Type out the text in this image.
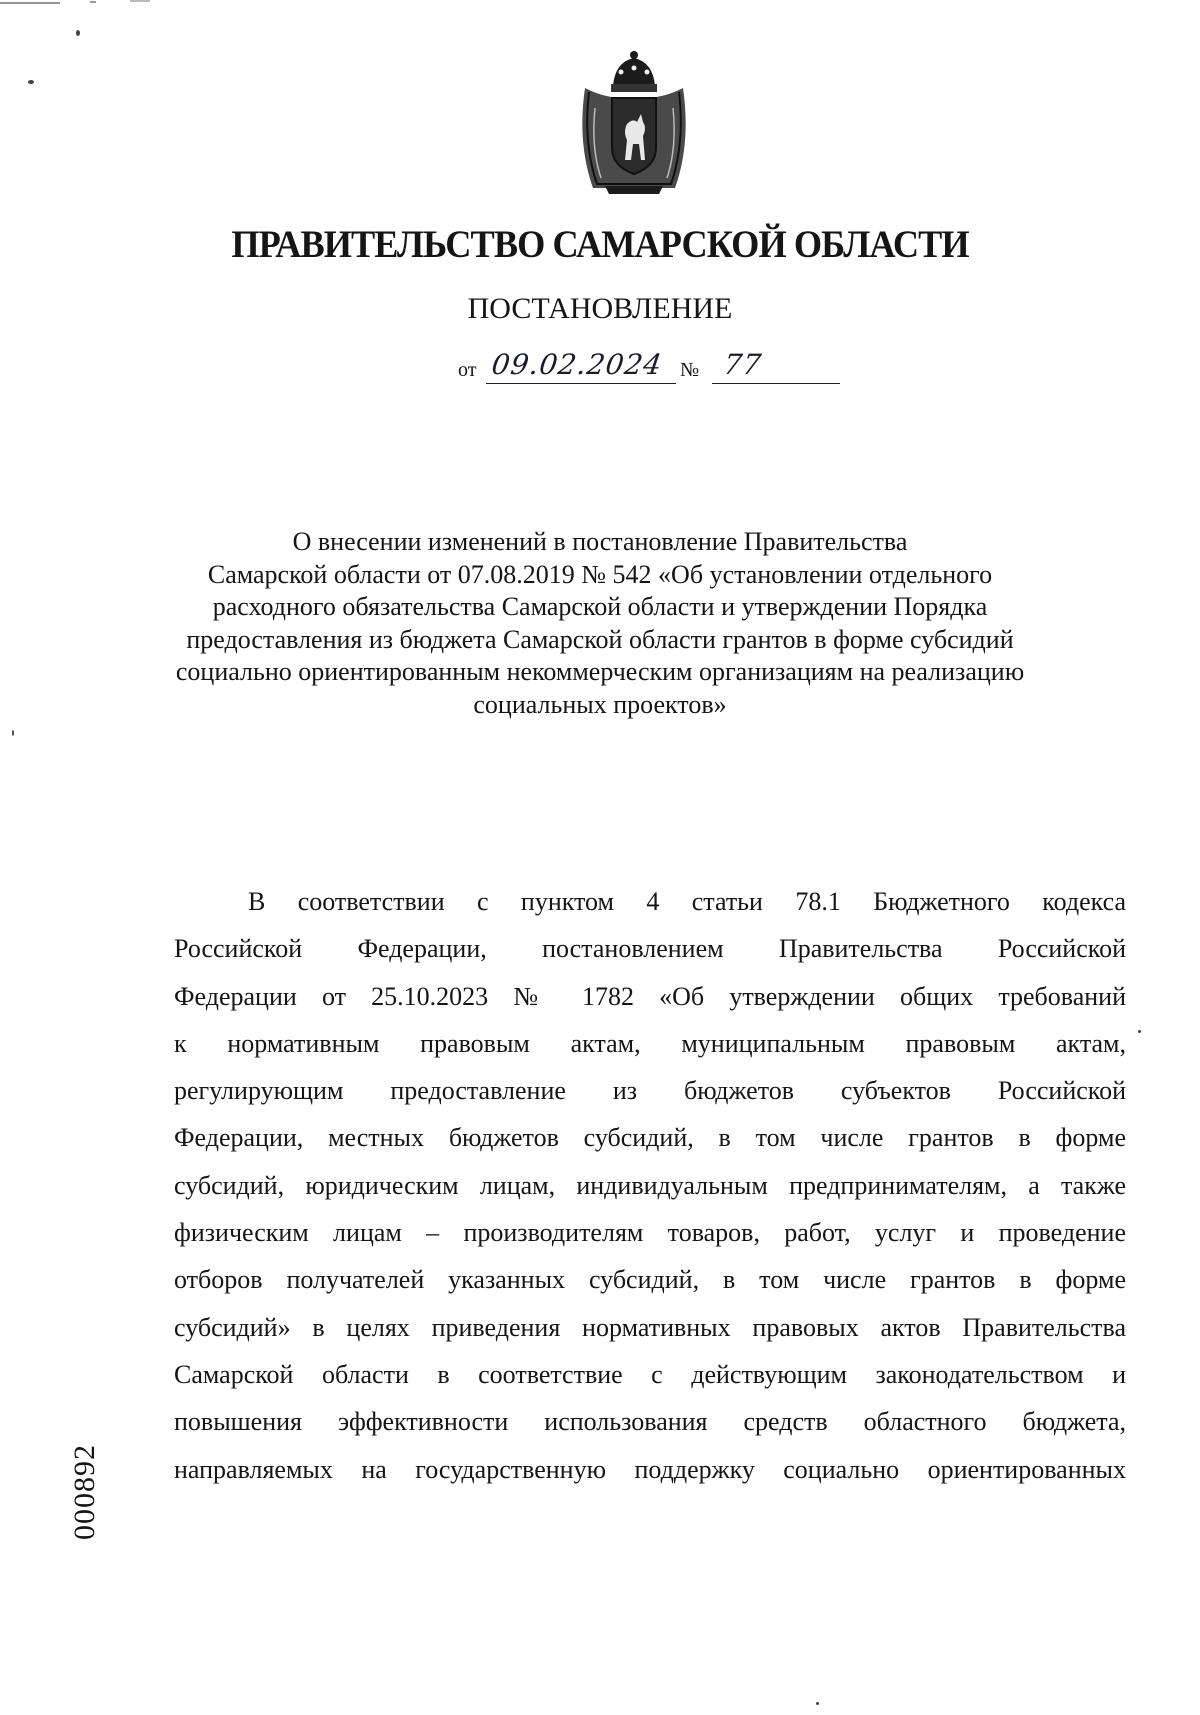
ПРАВИТЕЛЬСТВО САМАРСКОЙ ОБЛАСТИ
ПОСТАНОВЛЕНИЕ
от 09.02.2024 № 77
О внесении изменений в постановление Правительства
Самарской области от 07.08.2019 № 542 «Об установлении отдельного
расходного обязательства Самарской области и утверждении Порядка
предоставления из бюджета Самарской области грантов в форме субсидий
социально ориентированным некоммерческим организациям на реализацию
социальных проектов»
В соответствии с пунктом 4 статьи 78.1 Бюджетного кодекса
Российской Федерации, постановлением Правительства Российской
Федерации от 25.10.2023 № 1782 «Об утверждении общих требований
к нормативным правовым актам, муниципальным правовым актам,
регулирующим предоставление из бюджетов субъектов Российской
Федерации, местных бюджетов субсидий, в том числе грантов в форме
субсидий, юридическим лицам, индивидуальным предпринимателям, а также
физическим лицам – производителям товаров, работ, услуг и проведение
отборов получателей указанных субсидий, в том числе грантов в форме
субсидий» в целях приведения нормативных правовых актов Правительства
Самарской области в соответствие с действующим законодательством и
повышения эффективности использования средств областного бюджета,
направляемых на государственную поддержку социально ориентированных
000892
